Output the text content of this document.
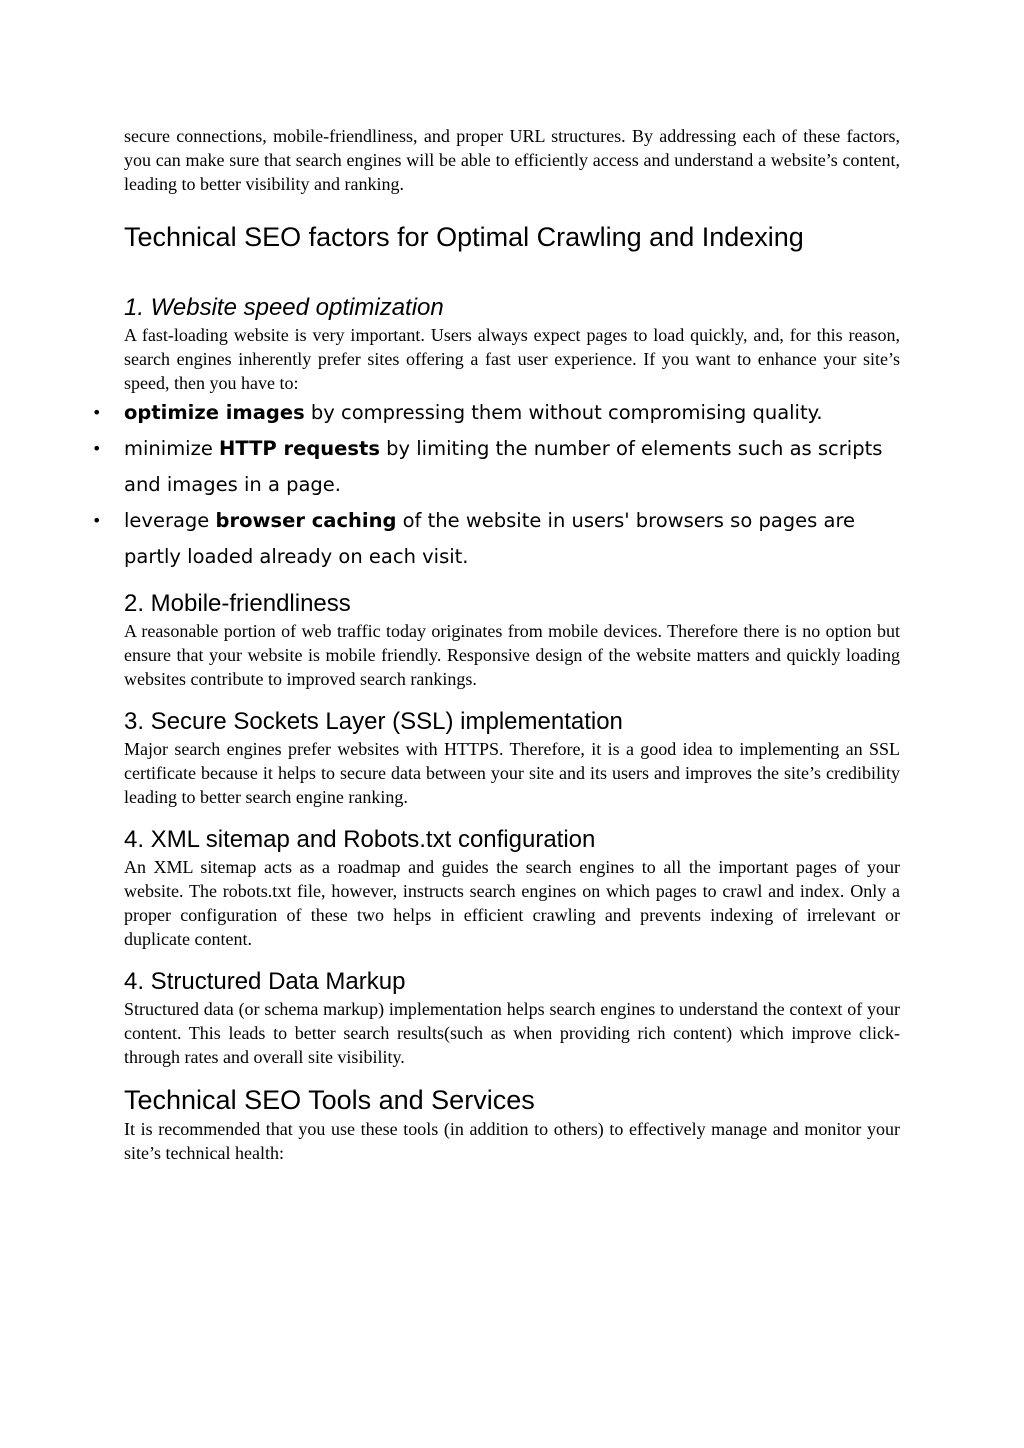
secure connections, mobile-friendliness, and proper URL structures. By addressing each of these factors, you can make sure that search engines will be able to efficiently access and understand a website’s content, leading to better visibility and ranking.

Technical SEO factors for Optimal Crawling and Indexing
1. Website speed optimization

A fast-loading website is very important. Users always expect pages to load quickly, and, for this reason, search engines inherently prefer sites offering a fast user experience. If you want to enhance your site’s speed, then you have to:

• optimize images by compressing them without compromising quality.
• minimize HTTP requests by limiting the number of elements such as scripts and images in a page.
• leverage browser caching of the website in users' browsers so pages are partly loaded already on each visit.
2. Mobile-friendliness

A reasonable portion of web traffic today originates from mobile devices. Therefore there is no option but ensure that your website is mobile friendly. Responsive design of the website matters and quickly loading websites contribute to improved search rankings.

3. Secure Sockets Layer (SSL) implementation

Major search engines prefer websites with HTTPS. Therefore, it is a good idea to implementing an SSL certificate because it helps to secure data between your site and its users and improves the site’s credibility leading to better search engine ranking.

4. XML sitemap and Robots.txt configuration

An XML sitemap acts as a roadmap and guides the search engines to all the important pages of your website. The robots.txt file, however, instructs search engines on which pages to crawl and index. Only a proper configuration of these two helps in efficient crawling and prevents indexing of irrelevant or duplicate content.

4. Structured Data Markup

Structured data (or schema markup) implementation helps search engines to understand the context of your content. This leads to better search results(such as when providing rich content) which improve click-through rates and overall site visibility.

Technical SEO Tools and Services

It is recommended that you use these tools (in addition to others) to effectively manage and monitor your site’s technical health:
